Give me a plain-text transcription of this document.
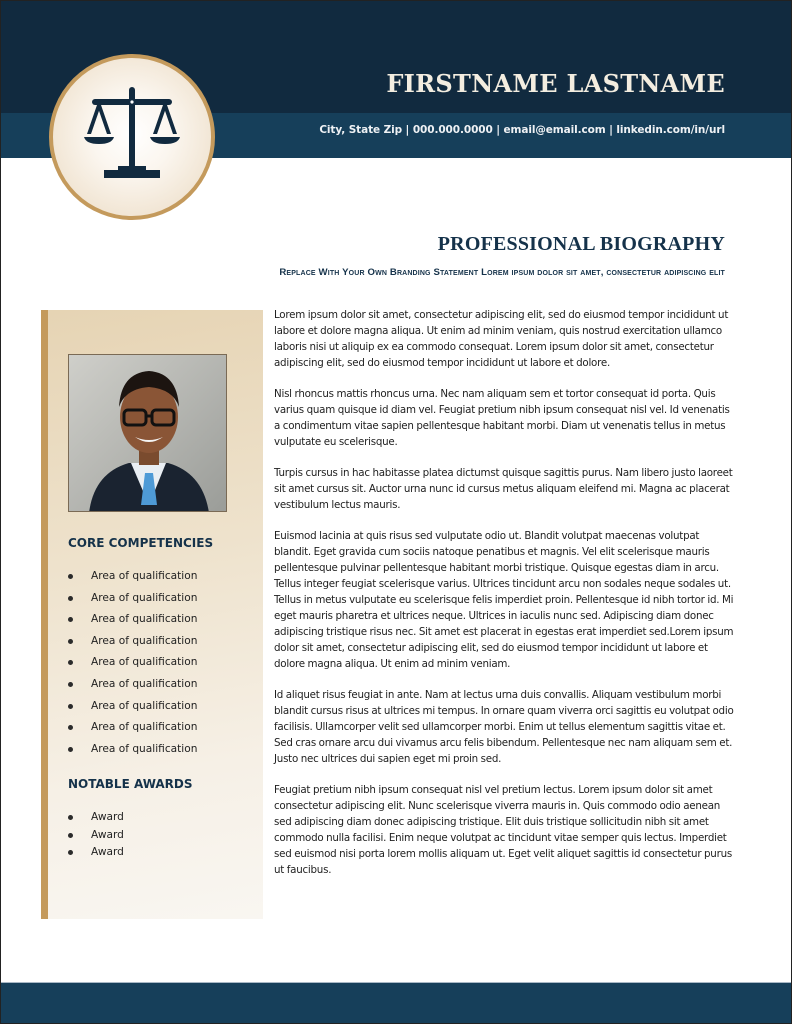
FIRSTNAME LASTNAME
City, State Zip | 000.000.0000 | email@email.com | linkedin.com/in/url
PROFESSIONAL BIOGRAPHY
Replace With Your Own Branding Statement Lorem ipsum dolor sit amet, consectetur adipiscing elit
CORE COMPETENCIES
Area of qualification
Area of qualification
Area of qualification
Area of qualification
Area of qualification
Area of qualification
Area of qualification
Area of qualification
Area of qualification
NOTABLE AWARDS
Award
Award
Award

Lorem ipsum dolor sit amet, consectetur adipiscing elit, sed do eiusmod tempor incididunt ut labore et dolore magna aliqua. Ut enim ad minim veniam, quis nostrud exercitation ullamco laboris nisi ut aliquip ex ea commodo consequat. Lorem ipsum dolor sit amet, consectetur adipiscing elit, sed do eiusmod tempor incididunt ut labore et dolore.

Nisl rhoncus mattis rhoncus urna. Nec nam aliquam sem et tortor consequat id porta. Quis varius quam quisque id diam vel. Feugiat pretium nibh ipsum consequat nisl vel. Id venenatis a condimentum vitae sapien pellentesque habitant morbi. Diam ut venenatis tellus in metus vulputate eu scelerisque.

Turpis cursus in hac habitasse platea dictumst quisque sagittis purus. Nam libero justo laoreet sit amet cursus sit. Auctor urna nunc id cursus metus aliquam eleifend mi. Magna ac placerat vestibulum lectus mauris.

Euismod lacinia at quis risus sed vulputate odio ut. Blandit volutpat maecenas volutpat blandit. Eget gravida cum sociis natoque penatibus et magnis. Vel elit scelerisque mauris pellentesque pulvinar pellentesque habitant morbi tristique. Quisque egestas diam in arcu. Tellus integer feugiat scelerisque varius. Ultrices tincidunt arcu non sodales neque sodales ut. Tellus in metus vulputate eu scelerisque felis imperdiet proin. Pellentesque id nibh tortor id. Mi eget mauris pharetra et ultrices neque. Ultrices in iaculis nunc sed. Adipiscing diam donec adipiscing tristique risus nec. Sit amet est placerat in egestas erat imperdiet sed.Lorem ipsum dolor sit amet, consectetur adipiscing elit, sed do eiusmod tempor incididunt ut labore et dolore magna aliqua. Ut enim ad minim veniam.

Id aliquet risus feugiat in ante. Nam at lectus urna duis convallis. Aliquam vestibulum morbi blandit cursus risus at ultrices mi tempus. In ornare quam viverra orci sagittis eu volutpat odio facilisis. Ullamcorper velit sed ullamcorper morbi. Enim ut tellus elementum sagittis vitae et. Sed cras ornare arcu dui vivamus arcu felis bibendum. Pellentesque nec nam aliquam sem et. Justo nec ultrices dui sapien eget mi proin sed.

Feugiat pretium nibh ipsum consequat nisl vel pretium lectus. Lorem ipsum dolor sit amet consectetur adipiscing elit. Nunc scelerisque viverra mauris in. Quis commodo odio aenean sed adipiscing diam donec adipiscing tristique. Elit duis tristique sollicitudin nibh sit amet commodo nulla facilisi. Enim neque volutpat ac tincidunt vitae semper quis lectus. Imperdiet sed euismod nisi porta lorem mollis aliquam ut. Eget velit aliquet sagittis id consectetur purus ut faucibus.
